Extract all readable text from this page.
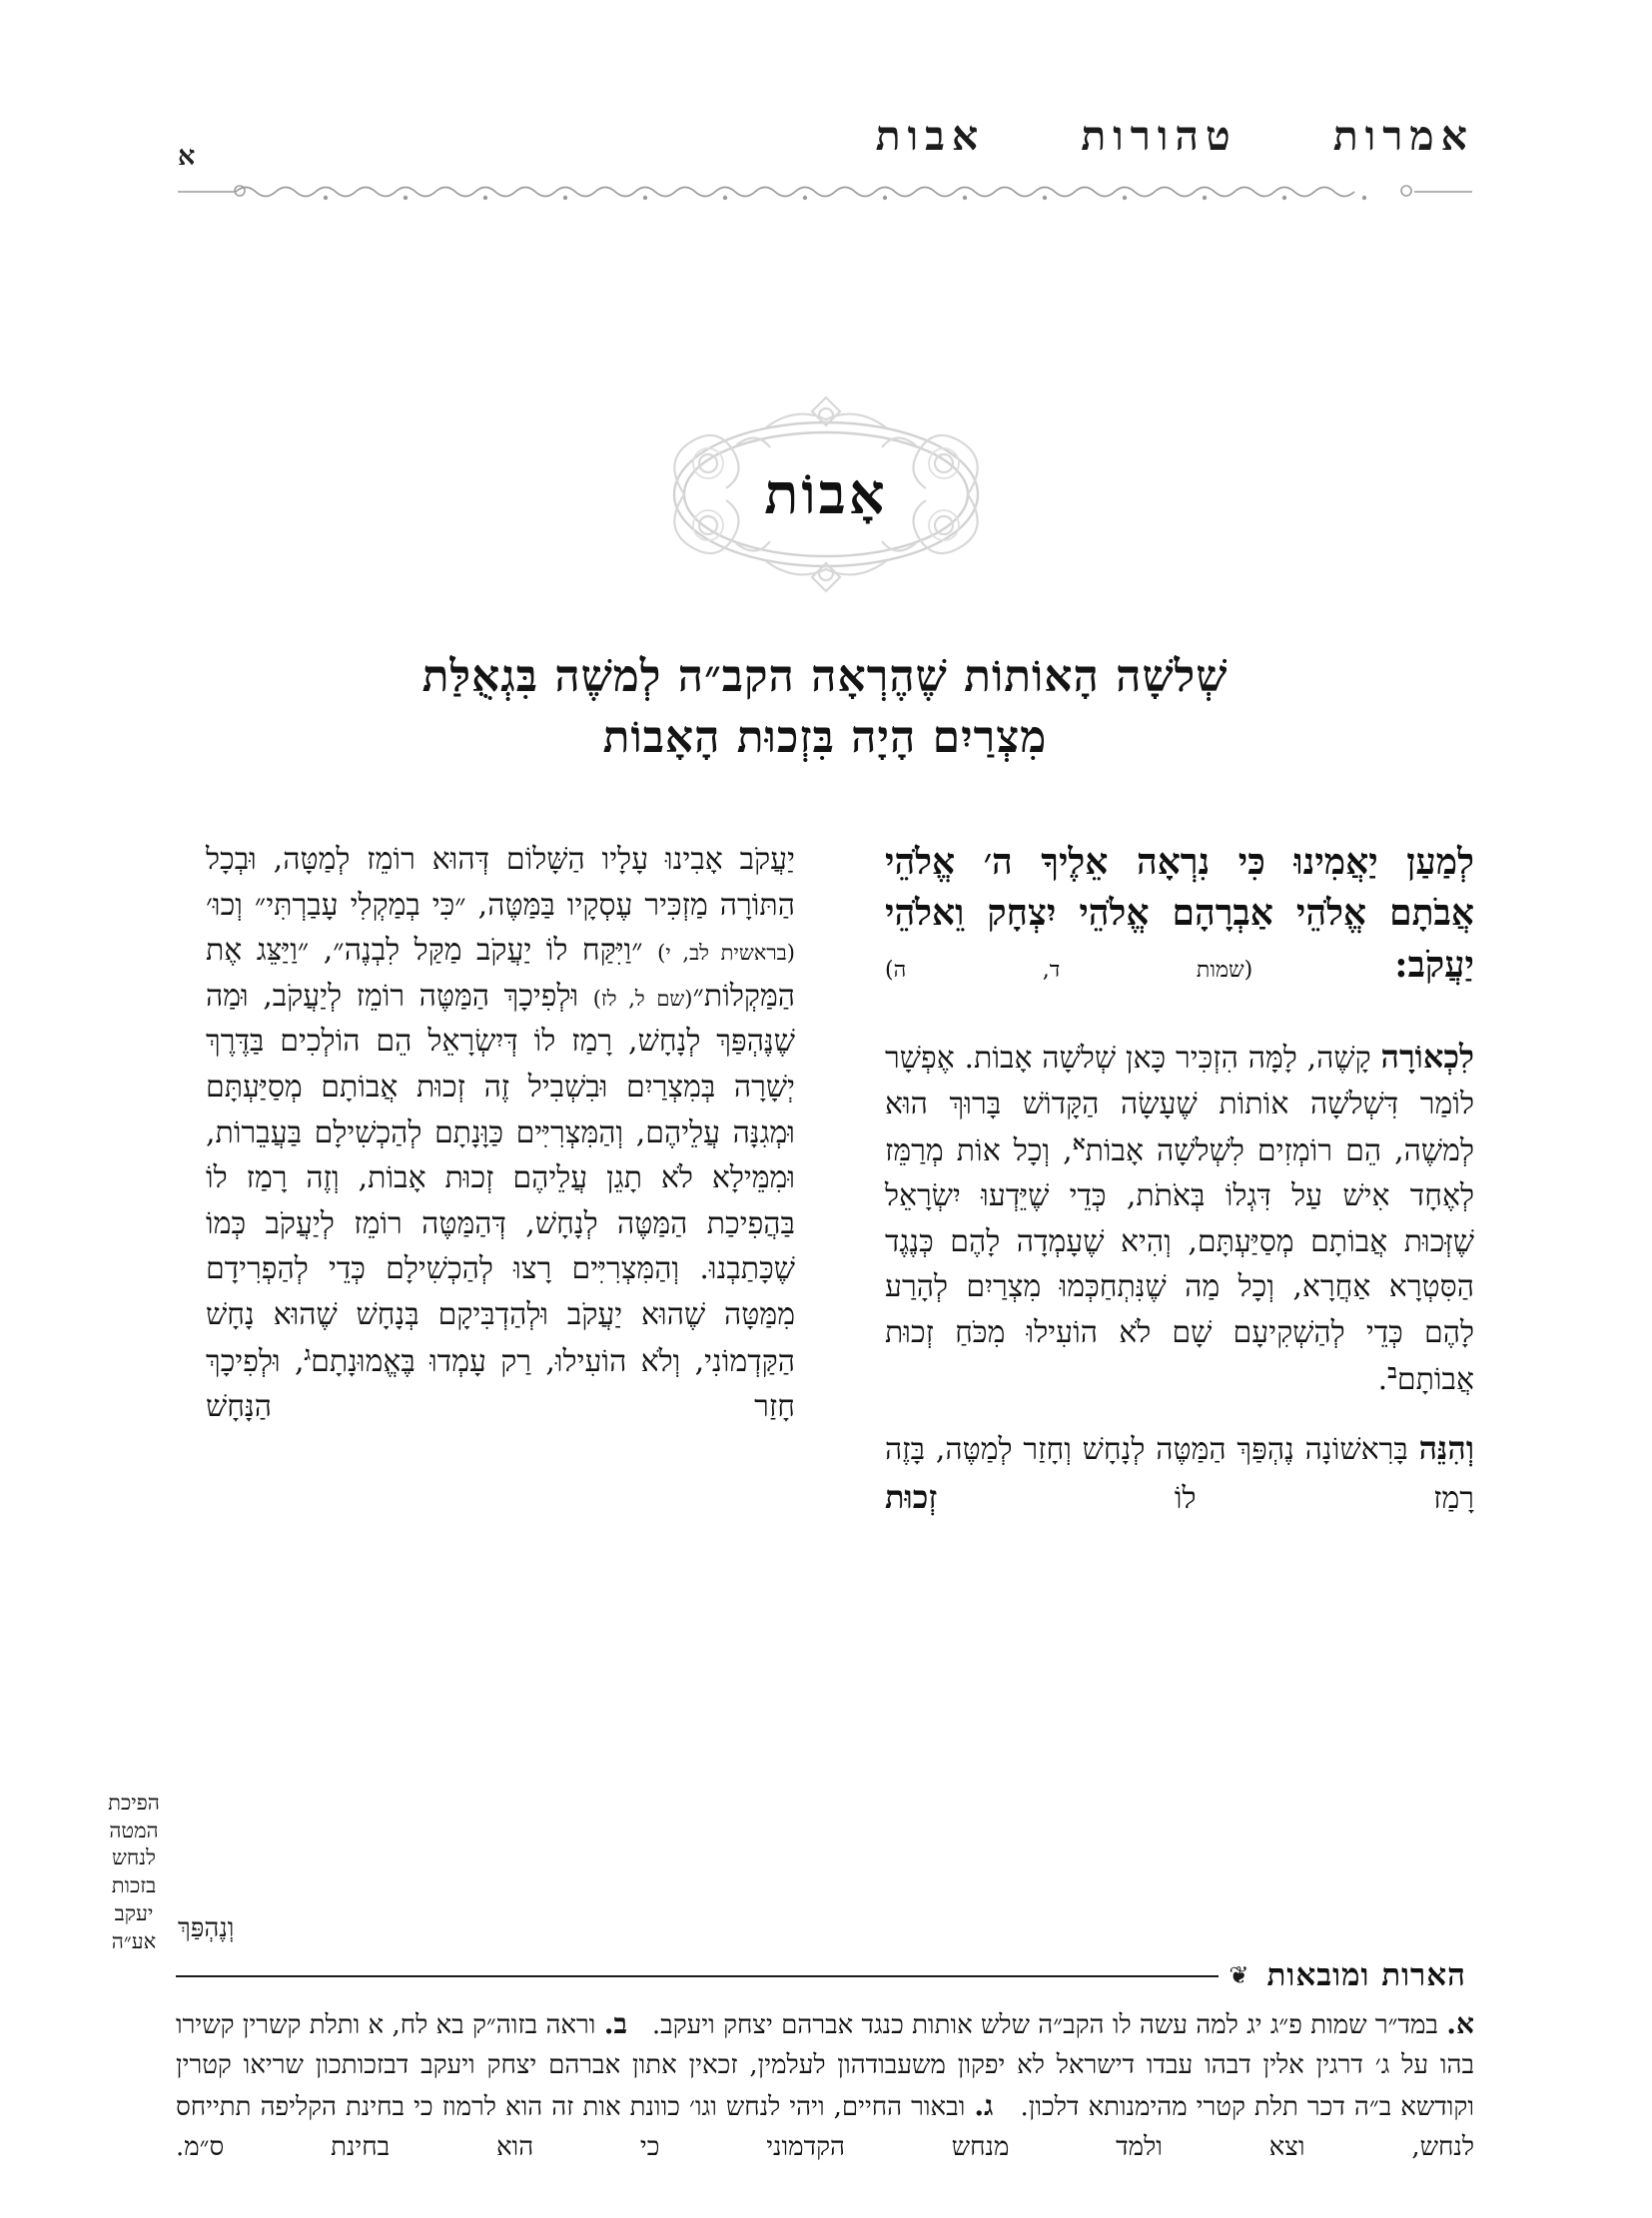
אמרות
טהורות
אבות
א
אָבוֹת
שְׁלשָׁה הָאוֹתוֹת שֶׁהֶרְאָה הקב״ה לְמשֶׁה בִּגְאֻלַּת
מִצְרַיִם הָיָה בִּזְכוּת הָאָבוֹת

לְמַעַן יַאֲמִינוּ כִּי נִרְאָה אֵלֶיךָ ה׳ אֱלֹהֵי אֲבֹתָם אֱלֹהֵי אַבְרָהָם אֱלֹהֵי יִצְחָק וֵאלֹהֵי יַעֲקֹב: (שמות ד, ה)

לִכְאוֹרָה קָשֶׁה, לָמָּה הִזְכִּיר כָּאן שְׁלשָׁה אָבוֹת. אֶפְשָׁר לוֹמַר דִּשְׁלשָׁה אוֹתוֹת שֶׁעָשָׂה הַקָּדוֹשׁ בָּרוּךְ הוּא לְמשֶׁה, הֵם רוֹמְזִים לִשְׁלשָׁה אָבוֹת$^א$, וְכָל אוֹת מְרַמֵּז לְאֶחָד אִישׁ עַל דִּגְלוֹ בְּאֹתֹת, כְּדֵי שֶׁיֵּדְעוּ יִשְׂרָאֵל שֶׁזְּכוּת אֲבוֹתָם מְסַיַּעְתָּם, וְהִיא שֶׁעָמְדָה לָהֶם כְּנֶגֶד הַסִּטְרָא אַחֲרָא, וְכָל מַה שֶׁנִּתְחַכְּמוּ מִצְרַיִם לְהָרַע לָהֶם כְּדֵי לְהַשְׁקִיעָם שָׁם לֹא הוֹעִילוּ מִכֹּחַ זְכוּת אֲבוֹתָם$^ב$.

וְהִנֵּה בָּרִאשׁוֹנָה נֶהְפַּךְ הַמַּטֶּה לְנָחָשׁ וְחָזַר לְמַטֶּה, בָּזֶה רָמַז לוֹ זְכוּת

יַעֲקֹב אָבִינוּ עָלָיו הַשָּׁלוֹם דְּהוּא רוֹמֵז לְמַטָּה, וּבְכָל הַתּוֹרָה מַזְכִּיר עֶסְקָיו בַּמַּטֶּה, ״כִּי בְמַקְלִי עָבַרְתִּי״ וְכוּ׳ (בראשית לב, י) ״וַיִּקַּח לוֹ יַעֲקֹב מַקַּל לִבְנֶה״, ״וַיַּצֵּג אֶת הַמַּקְלוֹת״(שם ל, לז) וּלְפִיכָךְ הַמַּטֶּה רוֹמֵז לְיַעֲקֹב, וּמַה שֶׁנֶּהְפַּךְ לְנָחָשׁ, רָמַז לוֹ דְּיִשְׂרָאֵל הֵם הוֹלְכִים בַּדֶּרֶךְ יְשָׁרָה בְּמִצְרַיִם וּבִשְׁבִיל זֶה זְכוּת אֲבוֹתָם מְסַיַּעְתָּם וּמְגִנָּה עֲלֵיהֶם, וְהַמִּצְרִיִּים כַּוָּנָתָם לְהַכְשִׁילָם בַּעֲבֵרוֹת, וּמִמֵּילָא לֹא תָגֵן עֲלֵיהֶם זְכוּת אָבוֹת, וְזֶה רָמַז לוֹ בַּהֲפִיכַת הַמַּטֶּה לְנָחָשׁ, דְּהַמַּטֶּה רוֹמֵז לְיַעֲקֹב כְּמוֹ שֶׁכָּתַבְנוּ. וְהַמִּצְרִיִּים רָצוּ לְהַכְשִׁילָם כְּדֵי לְהַפְרִידָם מִמַּטָּה שֶׁהוּא יַעֲקֹב וּלְהַדְבִּיקָם בְּנָחָשׁ שֶׁהוּא נָחָשׁ הַקַּדְמוֹנִי, וְלֹא הוֹעִילוּ, רַק עָמְדוּ בֶּאֱמוּנָתָם$^ג$, וּלְפִיכָךְ חָזַר הַנָּחָשׁ

וְנֶהְפַּךְ
הפיכת
המטה
לנחש
בזכות
יעקב
אע״ה
הארות ומובאות
❦

א. במד״ר שמות פ״ג יג למה עשה לו הקב״ה שלש אותות כנגד אברהם יצחק ויעקב.   ב. וראה בזוה״ק בא לח, א ותלת קשרין קשירו בהו על ג׳ דרגין אלין דבהו עבדו דישראל לא יפקון משעבודהון לעלמין, זכאין אתון אברהם יצחק ויעקב דבזכותכון שריאו קטרין וקודשא ב״ה דכר תלת קטרי מהימנותא דלכון.   ג. ובאור החיים, ויהי לנחש וגו׳ כוונת אות זה הוא לרמוז כי בחינת הקליפה תתייחס לנחש, וצא ולמד מנחש הקדמוני כי הוא בחינת ס״מ.
